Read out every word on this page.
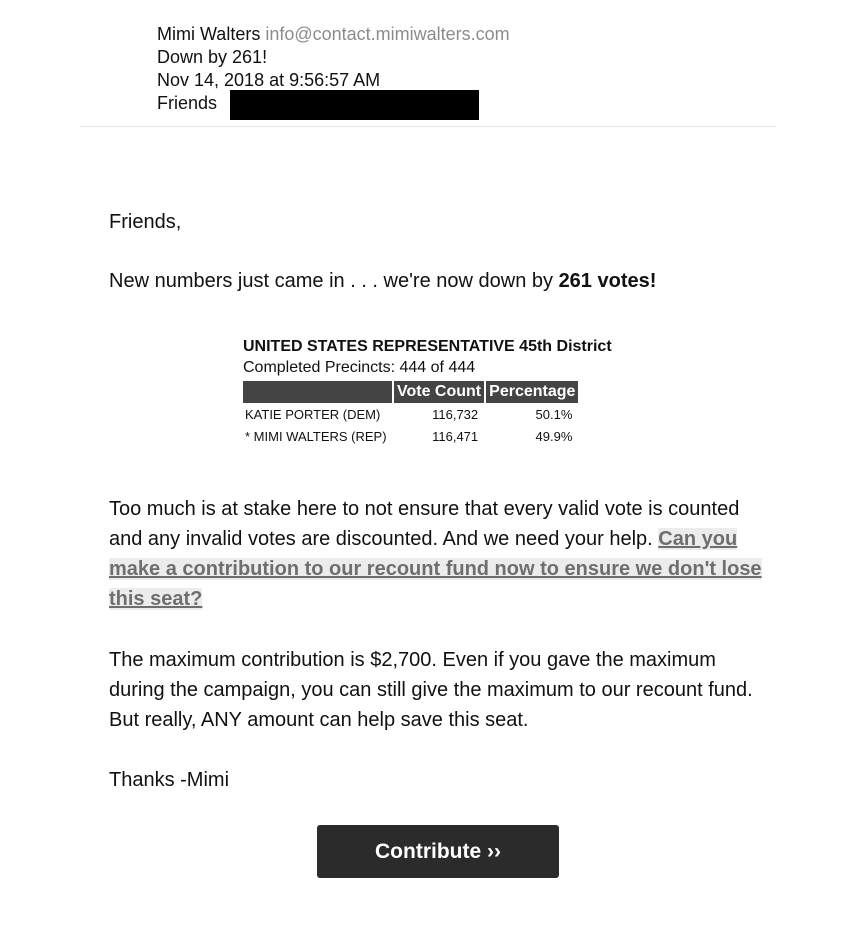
Mimi Walters info@contact.mimiwalters.com
Down by 261!
Nov 14, 2018 at 9:56:57 AM
Friends
Friends,
New numbers just came in . . . we're now down by 261 votes!
UNITED STATES REPRESENTATIVE 45th District
Completed Precincts: 444 of 444
	Vote Count	Percentage
KATIE PORTER (DEM)	116,732	50.1%
* MIMI WALTERS (REP)	116,471	49.9%
Too much is at stake here to not ensure that every valid vote is counted and any invalid votes are discounted. And we need your help. Can you make a contribution to our recount fund now to ensure we don't lose this seat?
The maximum contribution is $2,700. Even if you gave the maximum during the campaign, you can still give the maximum to our recount fund. But really, ANY amount can help save this seat.
Thanks -Mimi
Contribute ››
